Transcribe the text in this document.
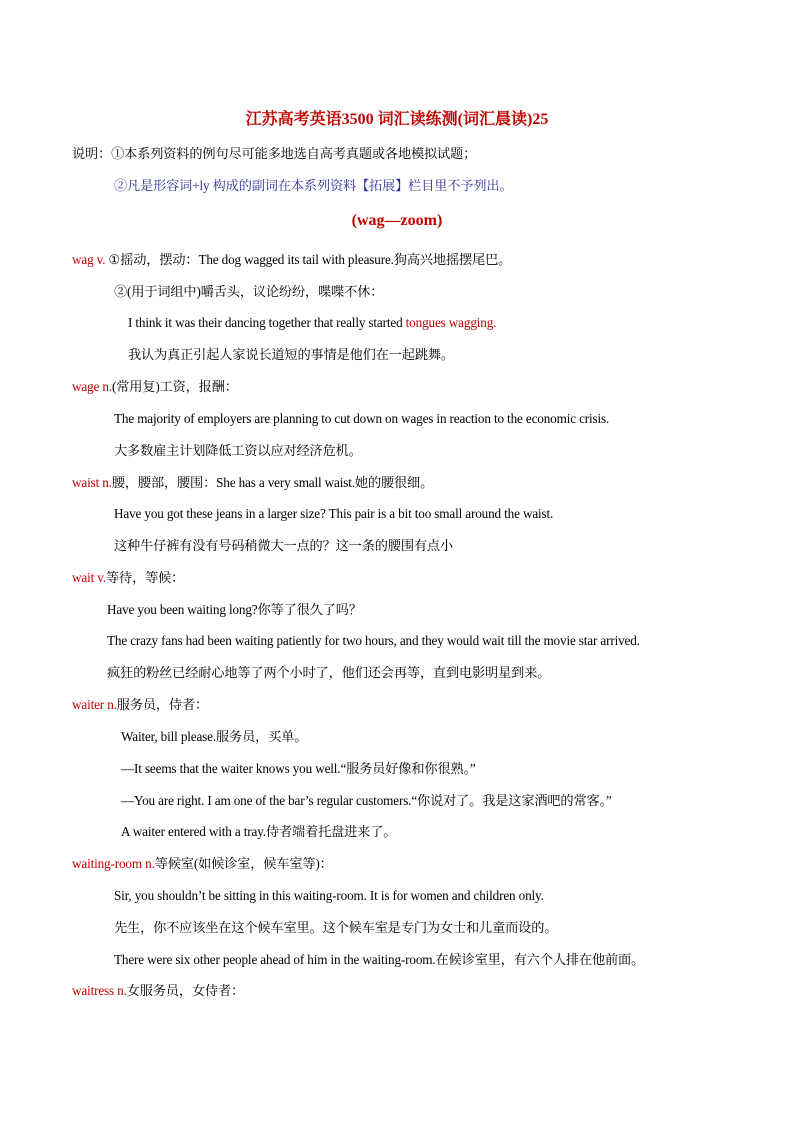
江苏高考英语3500 词汇读练测(词汇晨读)25
说明：①本系列资料的例句尽可能多地选自高考真题或各地模拟试题；
②凡是形容词+ly 构成的副词在本系列资料【拓展】栏目里不予列出。
(wag—zoom)
wag v. ①摇动，摆动：The dog wagged its tail with pleasure.狗高兴地摇摆尾巴。
②(用于词组中)嚼舌头，议论纷纷，喋喋不休：
I think it was their dancing together that really started tongues wagging.
我认为真正引起人家说长道短的事情是他们在一起跳舞。
wage n.(常用复)工资，报酬：
The majority of employers are planning to cut down on wages in reaction to the economic crisis.
大多数雇主计划降低工资以应对经济危机。
waist n.腰，腰部，腰围：She has a very small waist.她的腰很细。
Have you got these jeans in a larger size? This pair is a bit too small around the waist.
这种牛仔裤有没有号码稍微大一点的？这一条的腰围有点小
wait v.等待，等候：
Have you been waiting long?你等了很久了吗？
The crazy fans had been waiting patiently for two hours, and they would wait till the movie star arrived.
疯狂的粉丝已经耐心地等了两个小时了，他们还会再等，直到电影明星到来。
waiter n.服务员，侍者：
Waiter, bill please.服务员，买单。
—It seems that the waiter knows you well.“服务员好像和你很熟。”
—You are right. I am one of the bar’s regular customers.“你说对了。我是这家酒吧的常客。”
A waiter entered with a tray.侍者端着托盘进来了。
waiting-room n.等候室(如候诊室，候车室等)：
Sir, you shouldn’t be sitting in this waiting-room. It is for women and children only.
先生，你不应该坐在这个候车室里。这个候车室是专门为女士和儿童而设的。
There were six other people ahead of him in the waiting-room.在候诊室里，有六个人排在他前面。
waitress n.女服务员，女侍者：
